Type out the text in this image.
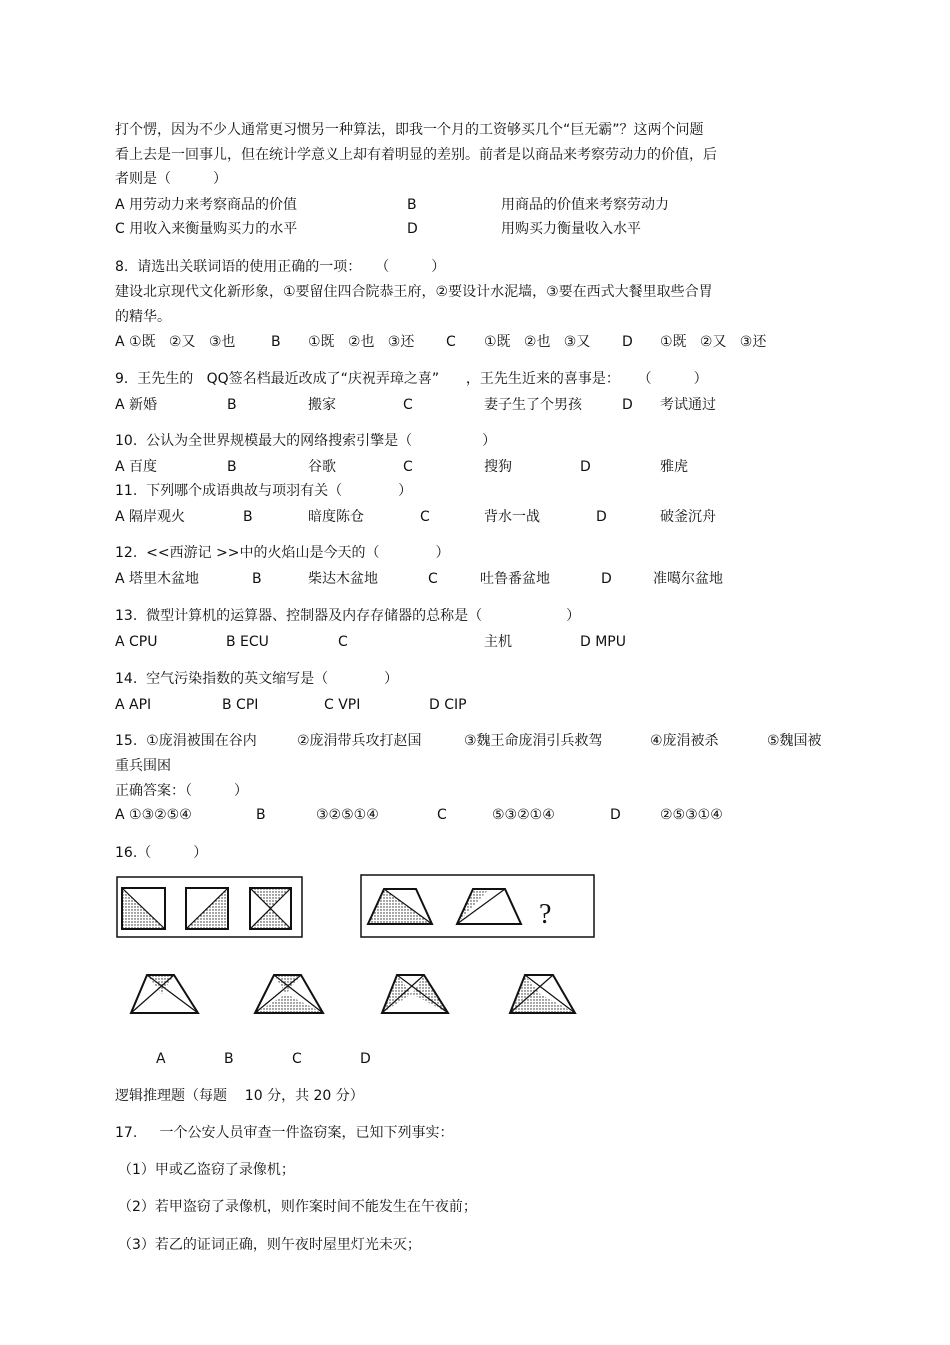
打个愣，因为不少人通常更习惯另一种算法，即我一个月的工资够买几个“巨无霸”？这两个问题
看上去是一回事儿，但在统计学意义上却有着明显的差别。前者是以商品来考察劳动力的价值，后
者则是（　　　）
A 用劳动力来考察商品的价值	B	用商品的价值来考察劳动力
C 用收入来衡量购买力的水平	D	用购买力衡量收入水平
8.  请选出关联词语的使用正确的一项：　　（　　　）
建设北京现代文化新形象，①要留住四合院恭王府，②要设计水泥墙，③要在西式大餐里取些合胃
的精华。
A ①既   ②又   ③也	B ①既   ②也   ③还 C ①既   ②也   ③又 D ①既   ②又   ③还
9.  王先生的   QQ签名档最近改成了“庆祝弄璋之喜”      ，王先生近来的喜事是：    （　　　）
A 新婚	B	搬家	C	妻子生了个男孩	D 考试通过
10.  公认为全世界规模最大的网络搜索引擎是（　　　　　）
A 百度	B	谷歌	C	搜狗	D	雅虎
11.  下列哪个成语典故与项羽有关（　　　　）
A 隔岸观火	B	暗度陈仓	C	背水一战	D	破釜沉舟
12.  <<西游记 >>中的火焰山是今天的（　　　　）
A 塔里木盆地	B	柴达木盆地	C	吐鲁番盆地	D	准噶尔盆地
13.  微型计算机的运算器、控制器及内存存储器的总称是（　　　　　　）
A CPU	B ECU	C	主机	D MPU
14.  空气污染指数的英文缩写是（　　　　）
A API	B CPI	C VPI	D CIP
15.  ①庞涓被围在谷内	②庞涓带兵攻打赵国	③魏王命庞涓引兵救驾	④庞涓被杀	⑤魏国被
重兵围困
正确答案：（　　　）
A ①③②⑤④	B	③②⑤①④	C	⑤③②①④	D	②⑤③①④
16.（　　　）
?
A	B	C	D
逻辑推理题（每题    10 分，共 20 分）
17.     一个公安人员审查一件盗窃案，已知下列事实：
（1）甲或乙盗窃了录像机；
（2）若甲盗窃了录像机，则作案时间不能发生在午夜前；
（3）若乙的证词正确，则午夜时屋里灯光未灭；
